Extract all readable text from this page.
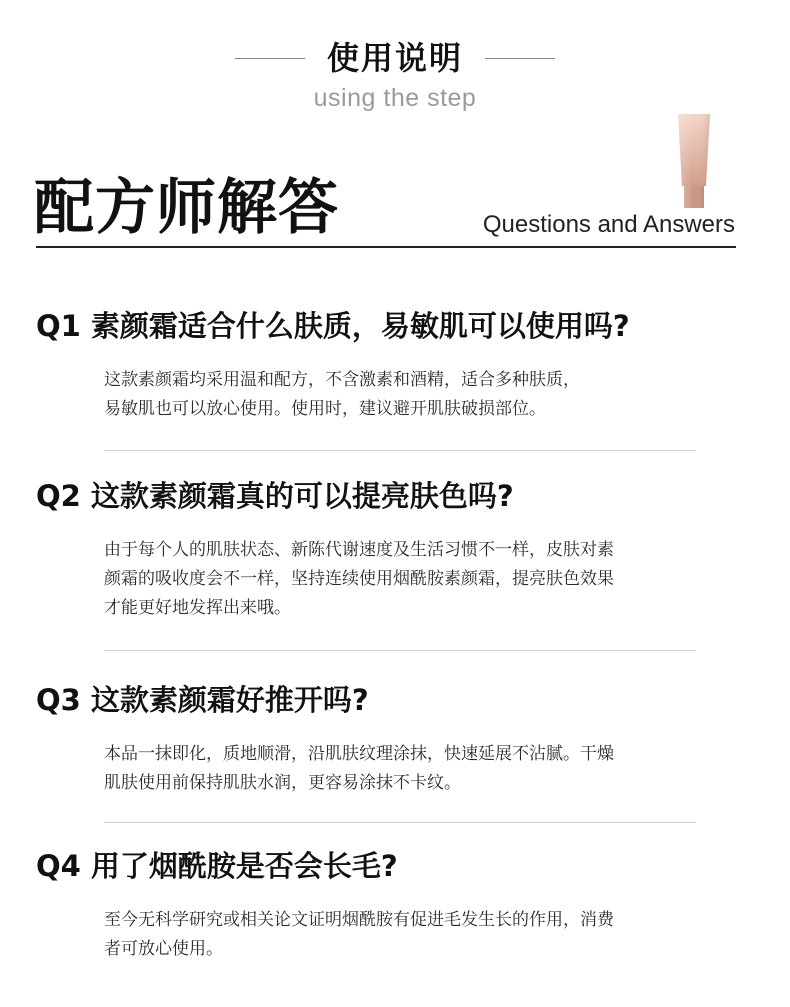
使用说明
using the step
配方师解答	Questions and Answers
Q1 素颜霜适合什么肤质，易敏肌可以使用吗?

这款素颜霜均采用温和配方，不含激素和酒精，适合多种肤质，

易敏肌也可以放心使用。使用时，建议避开肌肤破损部位。

Q2 这款素颜霜真的可以提亮肤色吗?

由于每个人的肌肤状态、新陈代谢速度及生活习惯不一样，皮肤对素

颜霜的吸收度会不一样，坚持连续使用烟酰胺素颜霜，提亮肤色效果

才能更好地发挥出来哦。

Q3 这款素颜霜好推开吗?

本品一抹即化，质地顺滑，沿肌肤纹理涂抹，快速延展不沾腻。干燥

肌肤使用前保持肌肤水润，更容易涂抹不卡纹。

Q4 用了烟酰胺是否会长毛?

至今无科学研究或相关论文证明烟酰胺有促进毛发生长的作用，消费

者可放心使用。
